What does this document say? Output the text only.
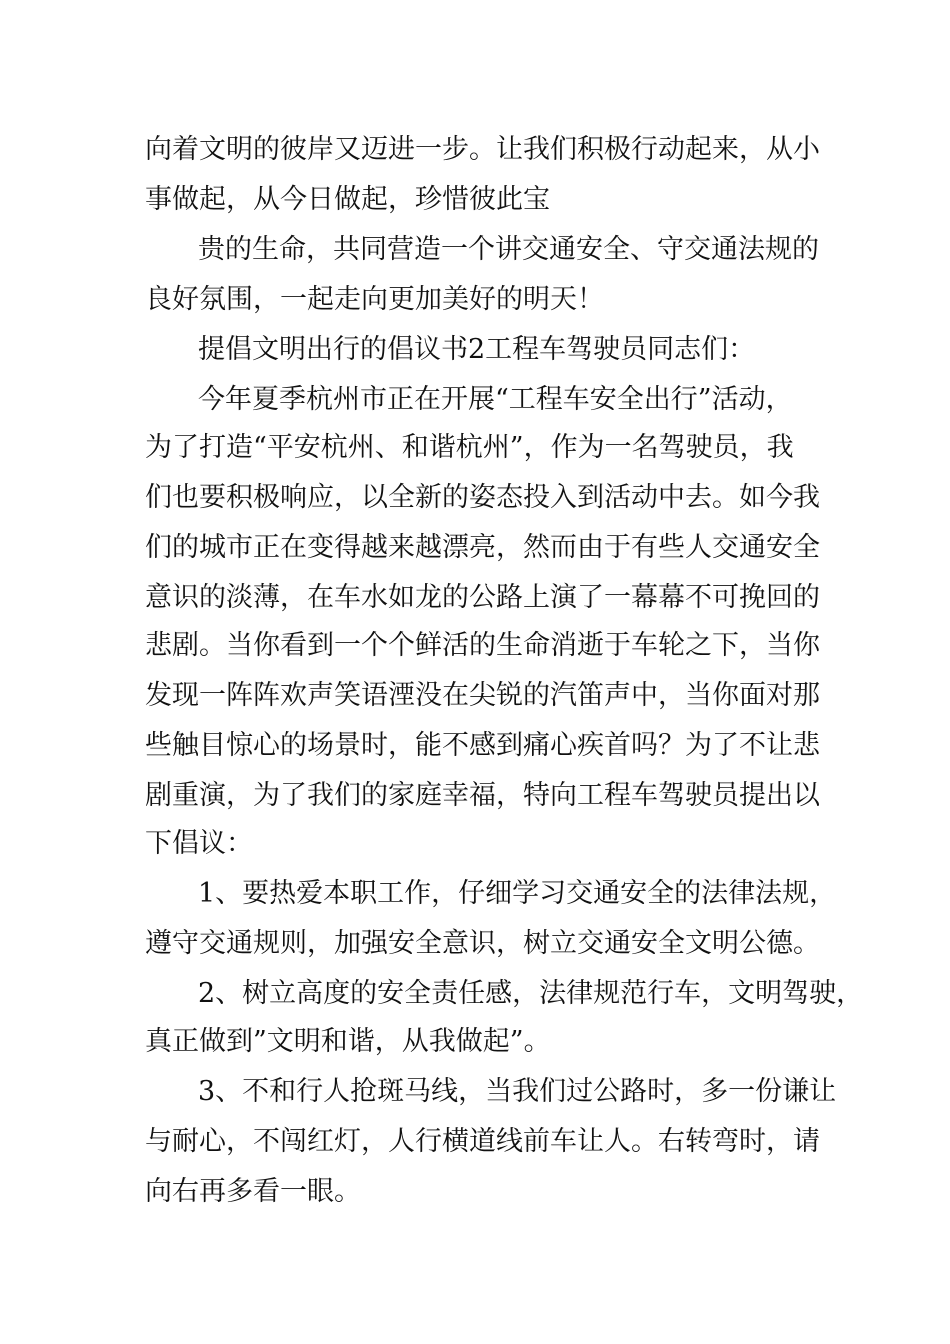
向着文明的彼岸又迈进一步。让我们积极行动起来，从小
事做起，从今日做起，珍惜彼此宝
贵的生命，共同营造一个讲交通安全、守交通法规的
良好氛围，一起走向更加美好的明天！
提倡文明出行的倡议书2工程车驾驶员同志们：
今年夏季杭州市正在开展“工程车安全出行”活动，
为了打造“平安杭州、和谐杭州”，作为一名驾驶员，我
们也要积极响应，以全新的姿态投入到活动中去。如今我
们的城市正在变得越来越漂亮，然而由于有些人交通安全
意识的淡薄，在车水如龙的公路上演了一幕幕不可挽回的
悲剧。当你看到一个个鲜活的生命消逝于车轮之下，当你
发现一阵阵欢声笑语湮没在尖锐的汽笛声中，当你面对那
些触目惊心的场景时，能不感到痛心疾首吗？为了不让悲
剧重演，为了我们的家庭幸福，特向工程车驾驶员提出以
下倡议：
1、要热爱本职工作，仔细学习交通安全的法律法规，
遵守交通规则，加强安全意识，树立交通安全文明公德。
2、树立高度的安全责任感，法律规范行车，文明驾驶，
真正做到”文明和谐，从我做起”。
3、不和行人抢斑马线，当我们过公路时，多一份谦让
与耐心，不闯红灯，人行横道线前车让人。右转弯时，请
向右再多看一眼。
